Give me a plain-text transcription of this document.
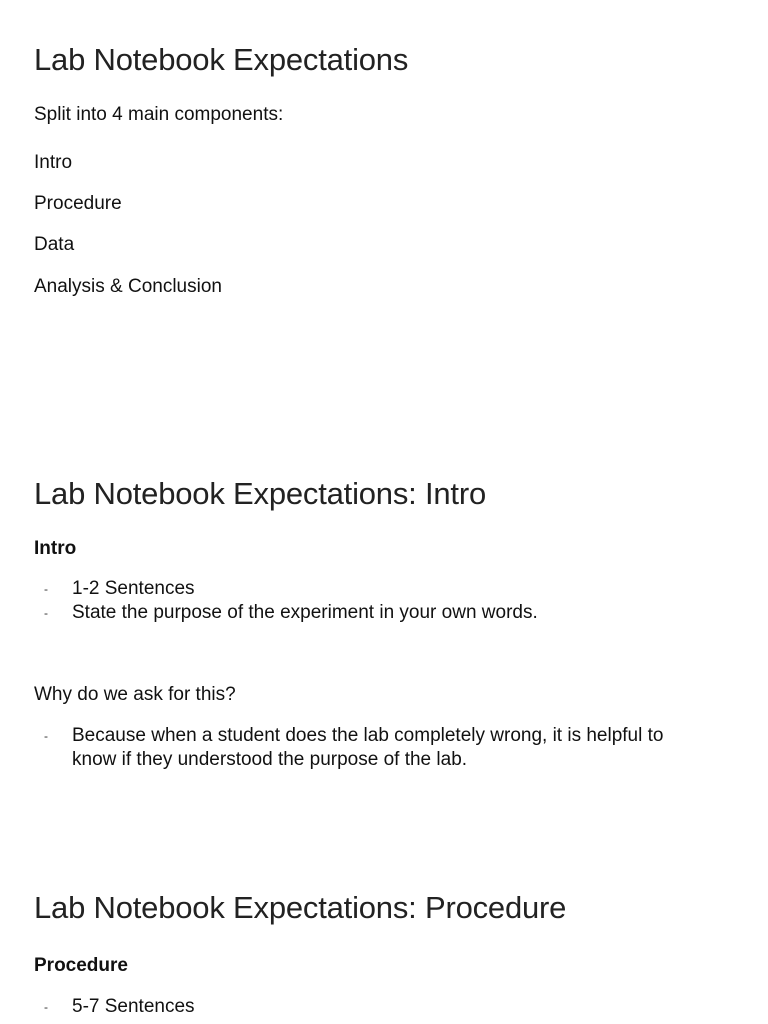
Lab Notebook Expectations
Split into 4 main components:
Intro
Procedure
Data
Analysis & Conclusion
Lab Notebook Expectations: Intro
Intro
- 1-2 Sentences
- State the purpose of the experiment in your own words.
Why do we ask for this?
- Because when a student does the lab completely wrong, it is helpful to
know if they understood the purpose of the lab.
Lab Notebook Expectations: Procedure
Procedure
- 5-7 Sentences
